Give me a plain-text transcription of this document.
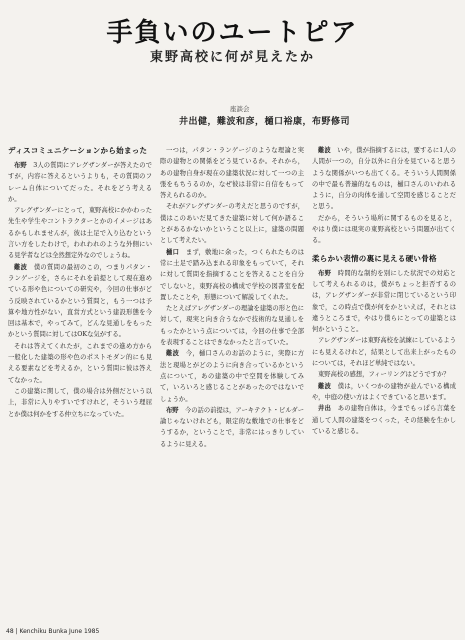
手負いのユートピア
東野高校に何が見えたか
座談会
井出健，難波和彦，樋口裕康，布野修司
ディスコミュニケーションから始まった

布野　 3人の質問にアレグザンダーが答えたのですが，内容に答えるというよりも，その質問のフレーム自体についてだった。それをどう考えるか。

アレグザンダーにとって，東野高校にかかわった先生や学生やコントラクターとかのイメージはあるかもしれませんが，彼は土足で入り込むという言い方をしたわけで，われわれのような外側にいる見学者などは全然想定外なのでしょうね。

難波　 僕の質問の最初のこの，つまりパタン・ランゲージを，さらにそれを前提として現在進めている形や色についての研究や，今回の仕事がどう反映されているかという質問と，もう一つは予算や地方性がない，直営方式という建設形態を今回は基本で，やってみて，どんな見通しをもったかという質問に対してはOKな気がする。

それは答えてくれたが，これまでの進め方から一般化した建築の形や色のポストモダン的にも見える要素などを考えるか，という質問に彼は答えてなかった。

この建築に関して，僕の場合は外側だという以上，非常に入りやすいですけれど，そういう理屈とか僕は何かをする仲立ちになっていた。

一つは，パタン・ランゲージのような理論と実際の建物との関係をどう見ているか。それから，あの建物自身が現在の建築状況に対して一つの主張をもちうるのか，なぜ彼は非常に自信をもって答えられるのか。

それがアレグザンダーの考えだと思うのですが，僕はこのあいだ見てきた建築に対して何か語ることがあるかないかということ以上に，建築の問題として考えたい。

樋口　 まず，敷地に余った，つくられたものは常に土足で踏み込まれる印象をもっていて，それに対して質問を指摘することを答えることを自分でしないと，東野高校の構成で学校の図書室を配置したことや，形態について解説してくれた。

たとえばアレグザンダーの理論を建築の形と色に対して，現実と向き合うなかで技術的な見通しをもったかという点については，今回の仕事で全部を表現することはできなかったと言っていた。

難波　 今，樋口さんのお話のように，実際に方法と現場とがどのように向き合っているかという点について，あの建築の中で空間を体験してみて，いろいろと感じることがあったのではないでしょうか。

布野　 今の話の前提は，アーキテクト・ビルダー論じゃないけれども，限定的な敷地での仕事をどうするか，ということで，非常にはっきりしているように見える。

難波　 いや，僕が指摘するには，要するに1人の人間が一つの，自分以外に自分を見ていると思うような関係がいつも出てくる。そういう人間関係の中で最も普遍的なものは，樋口さんのいわれるように，自分の肉体を通して空間を感じることだと思う。

だから，そういう場所に関するものを見ると，やはり僕には現実の東野高校という問題が出てくる。

柔らかい表情の裏に見える硬い骨格

布野　 時間的な制約を別にした状況での対応として考えられるのは，僕がちょっと拒否するのは，アレグザンダーが非常に閉じているという印象で，この時点で僕が何をかといえば，それとは違うところまで，やはり僕らにとっての建築とは何かということ。

アレグザンダーは東野高校を試練にしているようにも見えるけれど，結果として出来上がったものについては，それほど単純ではない。

東野高校の感想，フィーリングはどうですか？

難波　 僕は，いくつかの建物が並んでいる構成や，中庭の使い方はよくできていると思います。

井出　 あの建物自体は，今までもっぱら言葉を通して人間の建築をつくった，その経験を生かしていると感じる。

48 | Kenchiku Bunka June 1985
